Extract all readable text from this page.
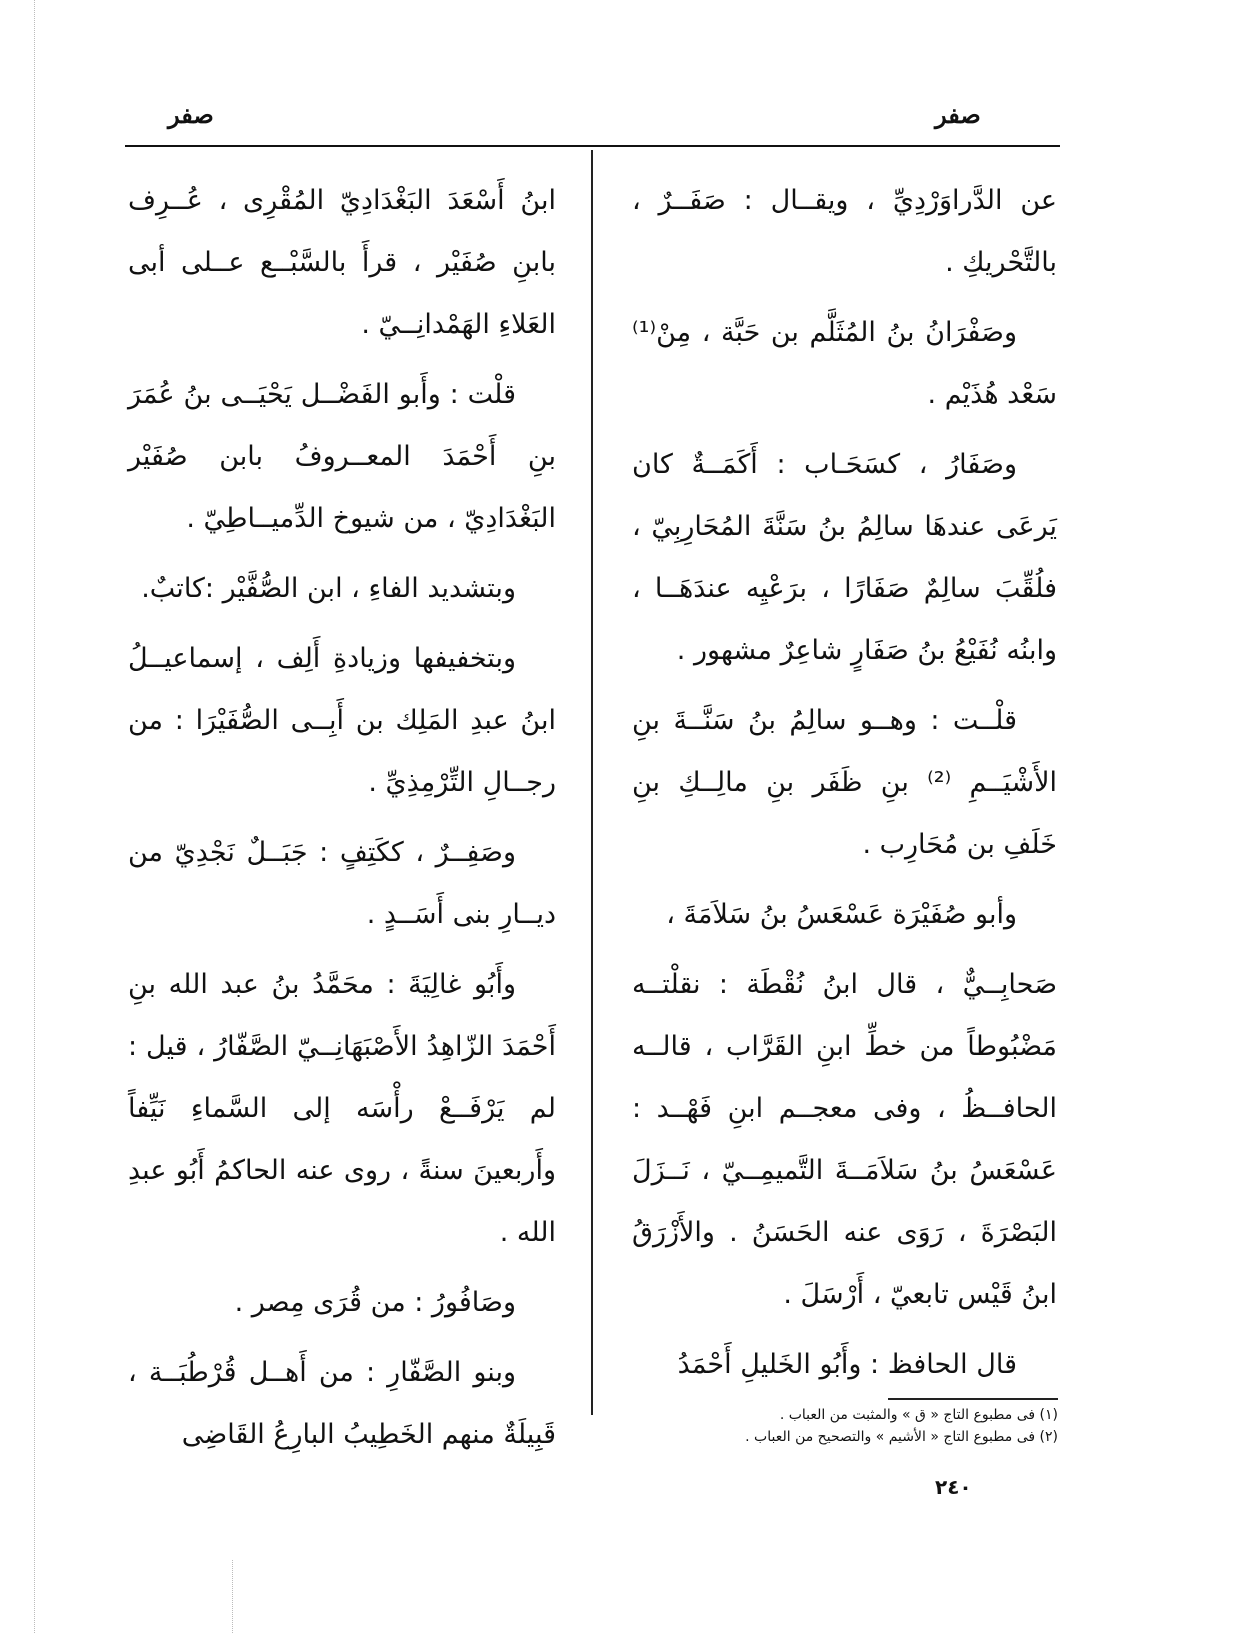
صفر
صفر

عن الدَّراوَرْدِيِّ ، ويقــال : صَفَــرٌ ، بالتَّحْريكِ .

وصَفْرَانُ بنُ المُثَلَّم بن حَبَّة ، مِنْ⁽¹⁾ سَعْد هُذَيْم .

وصَفَارُ ، كسَحَـاب : أَكَمَــةٌ كان يَرعَى عندهَا سالِمُ بنُ سَنَّةَ المُحَارِبِيّ ، فلُقِّبَ سالِمٌ صَفَارًا ، برَعْيِه عندَهَــا ، وابنُه نُفَيْعُ بنُ صَفَارٍ شاعِرٌ مشهور .

قلْــت : وهــو سالِمُ بنُ سَنَّــةَ بنِ الأَشْيَــمِ ⁽²⁾ بنِ ظَفَر بنِ مالِــكِ بنِ خَلَفِ بن مُحَارِب .

وأبو صُفَيْرَة عَسْعَسُ بنُ سَلاَمَةَ ،

صَحابِــيٌّ ، قال ابنُ نُقْطَة : نقلْتــه مَضْبُوطاً من خطِّ ابنِ القَرَّاب ، قالــه الحافــظُ ، وفى معجــم ابنِ فَهْــد : عَسْعَسُ بنُ سَلاَمَــةَ التَّميمِــيّ ، نَــزَلَ البَصْرَةَ ، رَوَى عنه الحَسَنُ . والأَزْرَقُ ابنُ قَيْس تابعيّ ، أَرْسَلَ .

قال الحافظ : وأَبُو الخَليلِ أَحْمَدُ

ابنُ أَسْعَدَ البَغْدَادِيّ المُقْرِى ، عُــرِف بابنِ صُفَيْر ، قرأَ بالسَّبْــع عــلى أبى العَلاءِ الهَمْدانِــيّ .

قلْت : وأَبو الفَضْــل يَحْيَــى بنُ عُمَرَ بنِ أَحْمَدَ المعــروفُ بابن صُفَيْر البَغْدَادِيّ ، من شيوخ الدِّميــاطِيّ .

وبتشديد الفاءِ ، ابن الصُّفَّيْر :كاتبٌ.

وبتخفيفها وزيادةِ أَلِف ، إسماعيــلُ ابنُ عبدِ المَلِك بن أَبِــى الصُّفَيْرَا : من رجــالِ التِّرْمِذِيِّ .

وصَفِــرٌ ، ككَتِفٍ : جَبَــلٌ نَجْدِيّ من ديــارِ بنى أَسَــدٍ .

وأَبُو غالِيَةَ : محَمَّدُ بنُ عبد الله بنِ أَحْمَدَ الزّاهِدُ الأَصْبَهَانِــيّ الصَّفّارُ ، قيل : لم يَرْفَــعْ رأْسَه إلى السَّماءِ نَيِّفاً وأَربعينَ سنةً ، روى عنه الحاكمُ أَبُو عبدِ الله .

وصَافُورُ : من قُرَى مِصر .

وبنو الصَّفّارِ : من أَهــل قُرْطُبَــة ، قَبِيلَةٌ منهم الخَطِيبُ البارِعُ القَاضِى

(١) فى مطبوع التاج « ق » والمثبت من العباب .

(٢) فى مطبوع التاج « الأشيم » والتصحيح من العباب .

٢٤٠
